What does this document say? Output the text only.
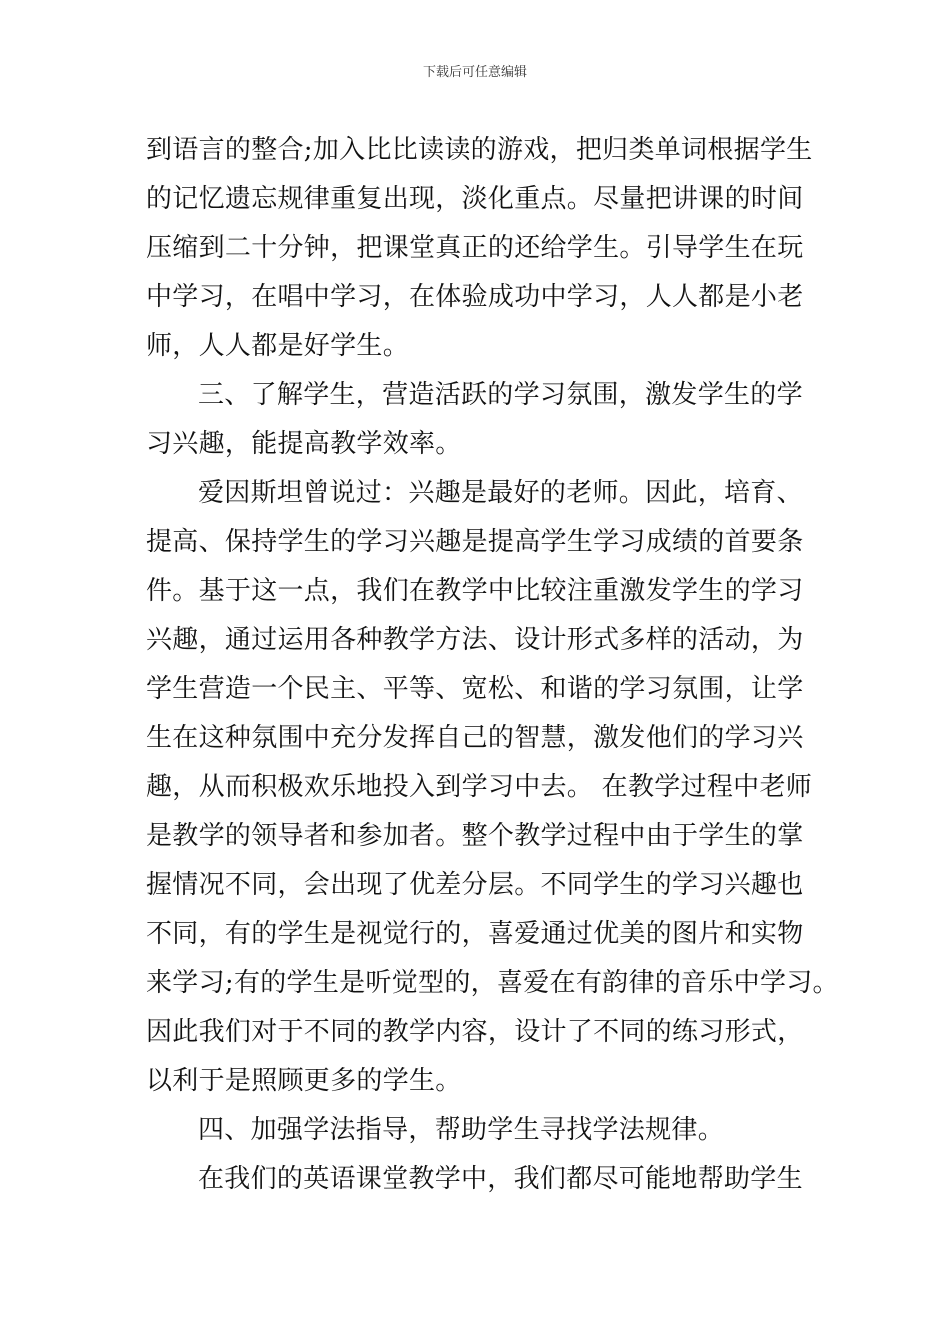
下载后可任意编辑
到语言的整合;加入比比读读的游戏，把归类单词根据学生
的记忆遗忘规律重复出现，淡化重点。尽量把讲课的时间
压缩到二十分钟，把课堂真正的还给学生。引导学生在玩
中学习，在唱中学习，在体验成功中学习，人人都是小老
师，人人都是好学生。
三、了解学生，营造活跃的学习氛围，激发学生的学
习兴趣，能提高教学效率。
爱因斯坦曾说过：兴趣是最好的老师。因此，培育、
提高、保持学生的学习兴趣是提高学生学习成绩的首要条
件。基于这一点，我们在教学中比较注重激发学生的学习
兴趣，通过运用各种教学方法、设计形式多样的活动，为
学生营造一个民主、平等、宽松、和谐的学习氛围，让学
生在这种氛围中充分发挥自己的智慧，激发他们的学习兴
趣，从而积极欢乐地投入到学习中去。 在教学过程中老师
是教学的领导者和参加者。整个教学过程中由于学生的掌
握情况不同，会出现了优差分层。不同学生的学习兴趣也
不同，有的学生是视觉行的，喜爱通过优美的图片和实物
来学习;有的学生是听觉型的，喜爱在有韵律的音乐中学习。
因此我们对于不同的教学内容，设计了不同的练习形式，
以利于是照顾更多的学生。
四、加强学法指导，帮助学生寻找学法规律。
在我们的英语课堂教学中，我们都尽可能地帮助学生
